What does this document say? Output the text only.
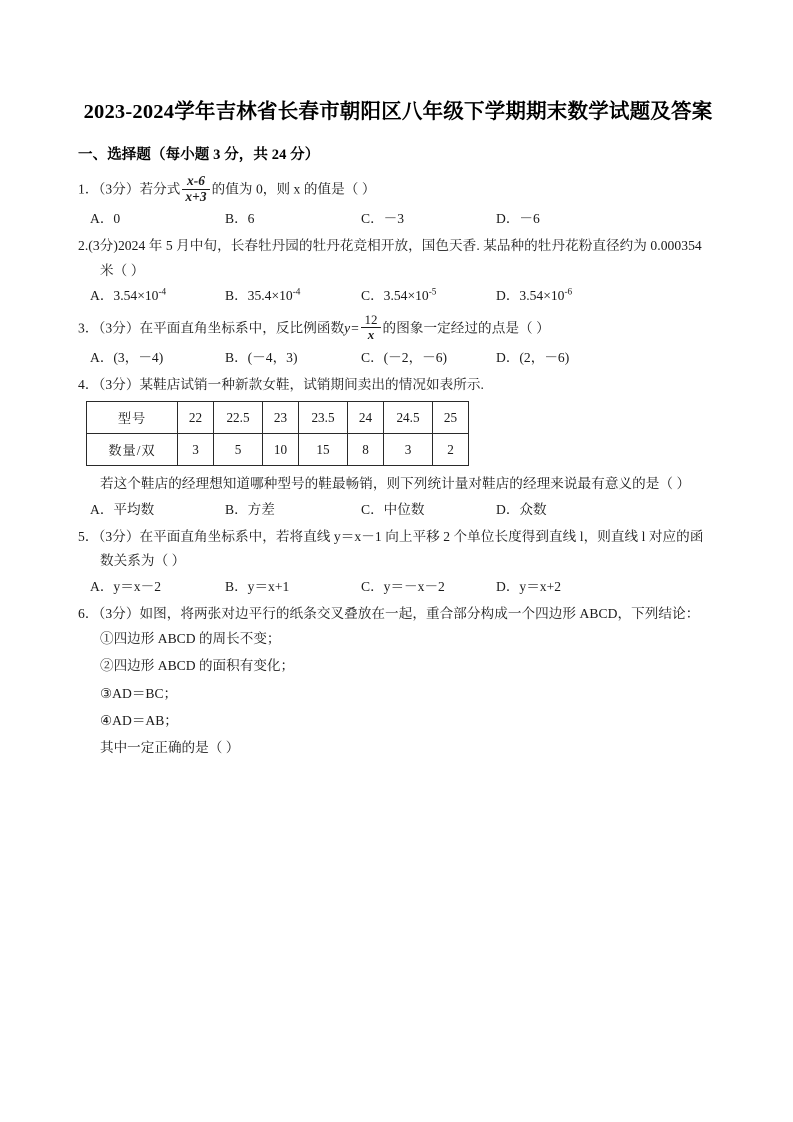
2023-2024学年吉林省长春市朝阳区八年级下学期期末数学试题及答案
一、选择题（每小题 3 分，共 24 分）
1．（3分）若分式 $\frac{x-6}{x+3}$ 的值为 0，则 x 的值是（ ）
A．0	B．6	C．－3	D．－6
2.(3分)2024 年 5 月中旬，长春牡丹园的牡丹花竞相开放，国色天香. 某品种的牡丹花粉直径约为 0.000354
米（ ）
A．$3.54\times 10^{-4}$	B．$35.4\times 10^{-4}$	C．$3.54\times 10^{-5}$	D．$3.54\times 10^{-6}$
3．（3分）在平面直角坐标系中，反比例函数$y= \frac{12}{x}$ 的图象一定经过的点是（ ）
A．(3，－4)	B．(－4，3)	C．(－2，－6)	D．(2，－6)
4．（3分）某鞋店试销一种新款女鞋，试销期间卖出的情况如表所示.
型号	22	22.5	23	23.5	24	24.5	25
数量/双	3	5	10	15	8	3	2
若这个鞋店的经理想知道哪种型号的鞋最畅销，则下列统计量对鞋店的经理来说最有意义的是（ ）
A．平均数	B．方差	C．中位数	D．众数
5．（3分）在平面直角坐标系中，若将直线 y＝x－1 向上平移 2 个单位长度得到直线 l，则直线 l 对应的函
数关系为（ ）
A．y＝x－2	B．y＝x+1	C．y＝－x－2	D．y＝x+2
6．（3分）如图，将两张对边平行的纸条交叉叠放在一起，重合部分构成一个四边形 ABCD，下列结论：
①四边形 ABCD 的周长不变；
②四边形 ABCD 的面积有变化；
③AD＝BC；
④AD＝AB；
其中一定正确的是（ ）
